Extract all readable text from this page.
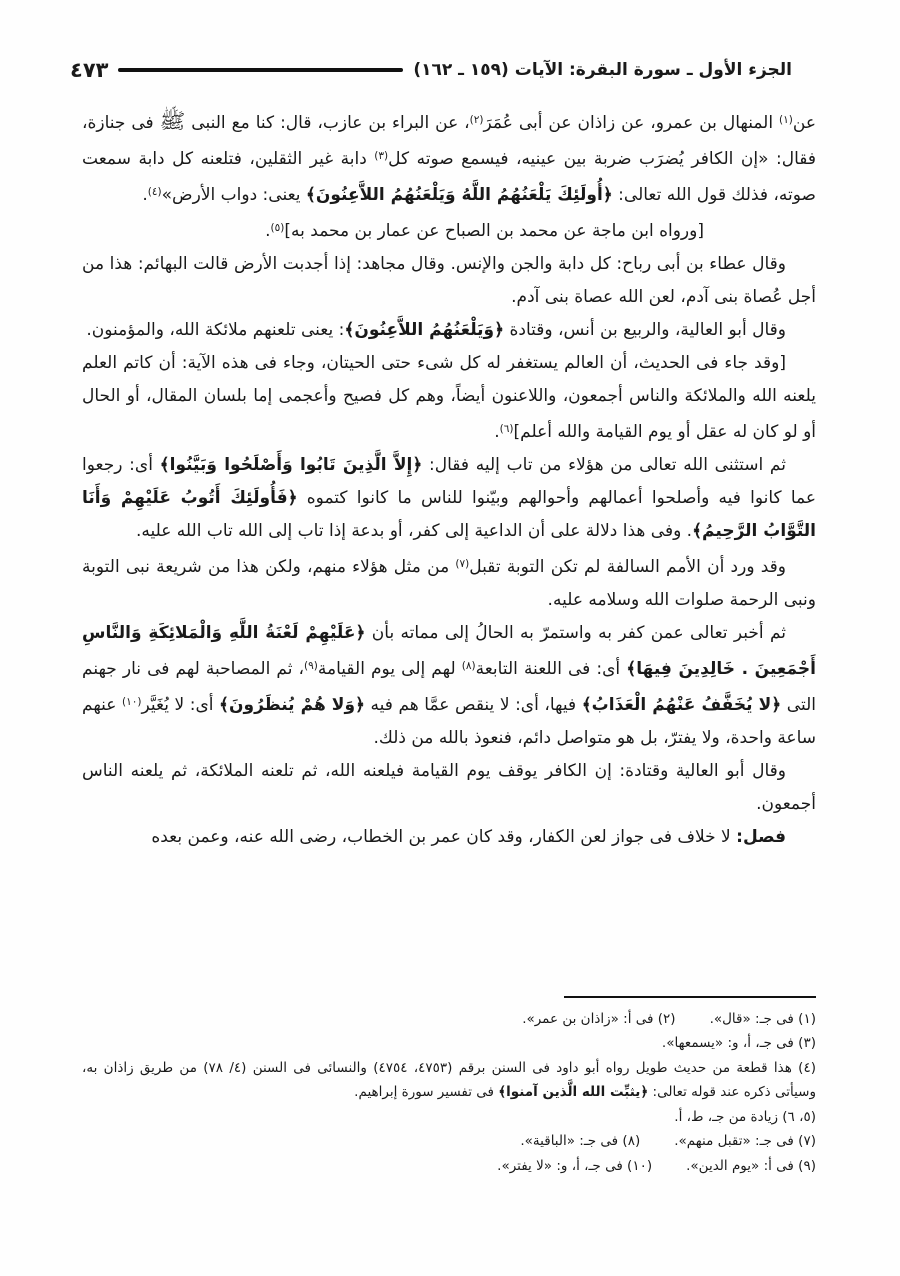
الجزء الأول ـ سورة البقرة: الآيات (١٥٩ ـ ١٦٢)
٤٧٣

عن$^{(١)}$ المنهال بن عمرو، عن زاذان عن أبى عُمَرَ$^{(٢)}$، عن البراء بن عازب، قال: كنا مع النبى ﷺ فى جنازة، فقال: «إن الكافر يُضرَب ضربة بين عينيه، فيسمع صوته كل$^{(٣)}$ دابة غير الثقلين، فتلعنه كل دابة سمعت صوته، فذلك قول الله تعالى: ﴿أُولَئِكَ يَلْعَنُهُمُ اللَّهُ وَيَلْعَنُهُمُ اللاَّعِنُونَ﴾ يعنى: دواب الأرض»$^{(٤)}$.

[ورواه ابن ماجة عن محمد بن الصباح عن عمار بن محمد به]$^{(٥)}$.

وقال عطاء بن أبى رباح: كل دابة والجن والإنس. وقال مجاهد: إذا أجدبت الأرض قالت البهائم: هذا من أجل عُصاة بنى آدم، لعن الله عصاة بنى آدم.

وقال أبو العالية، والربيع بن أنس، وقتادة ﴿وَيَلْعَنُهُمُ اللاَّعِنُونَ﴾: يعنى تلعنهم ملائكة الله، والمؤمنون.

[وقد جاء فى الحديث، أن العالم يستغفر له كل شىء حتى الحيتان، وجاء فى هذه الآية: أن كاتم العلم يلعنه الله والملائكة والناس أجمعون، واللاعنون أيضاً، وهم كل فصيح وأعجمى إما بلسان المقال، أو الحال أو لو كان له عقل أو يوم القيامة والله أعلم]$^{(٦)}$.

ثم استثنى الله تعالى من هؤلاء من تاب إليه فقال: ﴿إِلاَّ الَّذِينَ تَابُوا وَأَصْلَحُوا وَبَيَّنُوا﴾ أى: رجعوا عما كانوا فيه وأصلحوا أعمالهم وأحوالهم وبيّنوا للناس ما كانوا كتموه ﴿فَأُولَئِكَ أَتُوبُ عَلَيْهِمْ وَأَنَا التَّوَّابُ الرَّحِيمُ﴾. وفى هذا دلالة على أن الداعية إلى كفر، أو بدعة إذا تاب إلى الله تاب الله عليه.

وقد ورد أن الأمم السالفة لم تكن التوبة تقبل$^{(٧)}$ من مثل هؤلاء منهم، ولكن هذا من شريعة نبى التوبة ونبى الرحمة صلوات الله وسلامه عليه.

ثم أخبر تعالى عمن كفر به واستمرّ به الحالُ إلى مماته بأن ﴿عَلَيْهِمْ لَعْنَةُ اللَّهِ وَالْمَلائِكَةِ وَالنَّاسِ أَجْمَعِينَ . خَالِدِينَ فِيهَا﴾ أى: فى اللعنة التابعة$^{(٨)}$ لهم إلى يوم القيامة$^{(٩)}$، ثم المصاحبة لهم فى نار جهنم التى ﴿لا يُخَفَّفُ عَنْهُمُ الْعَذَابُ﴾ فيها، أى: لا ينقص عمَّا هم فيه ﴿وَلا هُمْ يُنظَرُونَ﴾ أى: لا يُغَيَّر$^{(١٠)}$ عنهم ساعة واحدة، ولا يفترّ، بل هو متواصل دائم، فنعوذ بالله من ذلك.

وقال أبو العالية وقتادة: إن الكافر يوقف يوم القيامة فيلعنه الله، ثم تلعنه الملائكة، ثم يلعنه الناس أجمعون.

فصل: لا خلاف فى جواز لعن الكفار، وقد كان عمر بن الخطاب، رضى الله عنه، وعمن بعده

(١) فى جـ: «قال».
(٢) فى أ: «زاذان بن عمر».
(٣) فى جـ، أ، و: «يسمعها».
(٤) هذا قطعة من حديث طويل رواه أبو داود فى السنن برقم (٤٧٥٣، ٤٧٥٤) والنسائى فى السنن (٤/ ٧٨) من طريق زاذان به، وسيأتى ذكره عند قوله تعالى: ﴿يثبِّت الله الَّذين آمنوا﴾ فى تفسير سورة إبراهيم.
(٥، ٦) زيادة من جـ، ط، أ.
(٧) فى جـ: «تقبل منهم».
(٨) فى جـ: «الباقية».
(٩) فى أ: «يوم الدين».
(١٠) فى جـ، أ، و: «لا يفتر».
